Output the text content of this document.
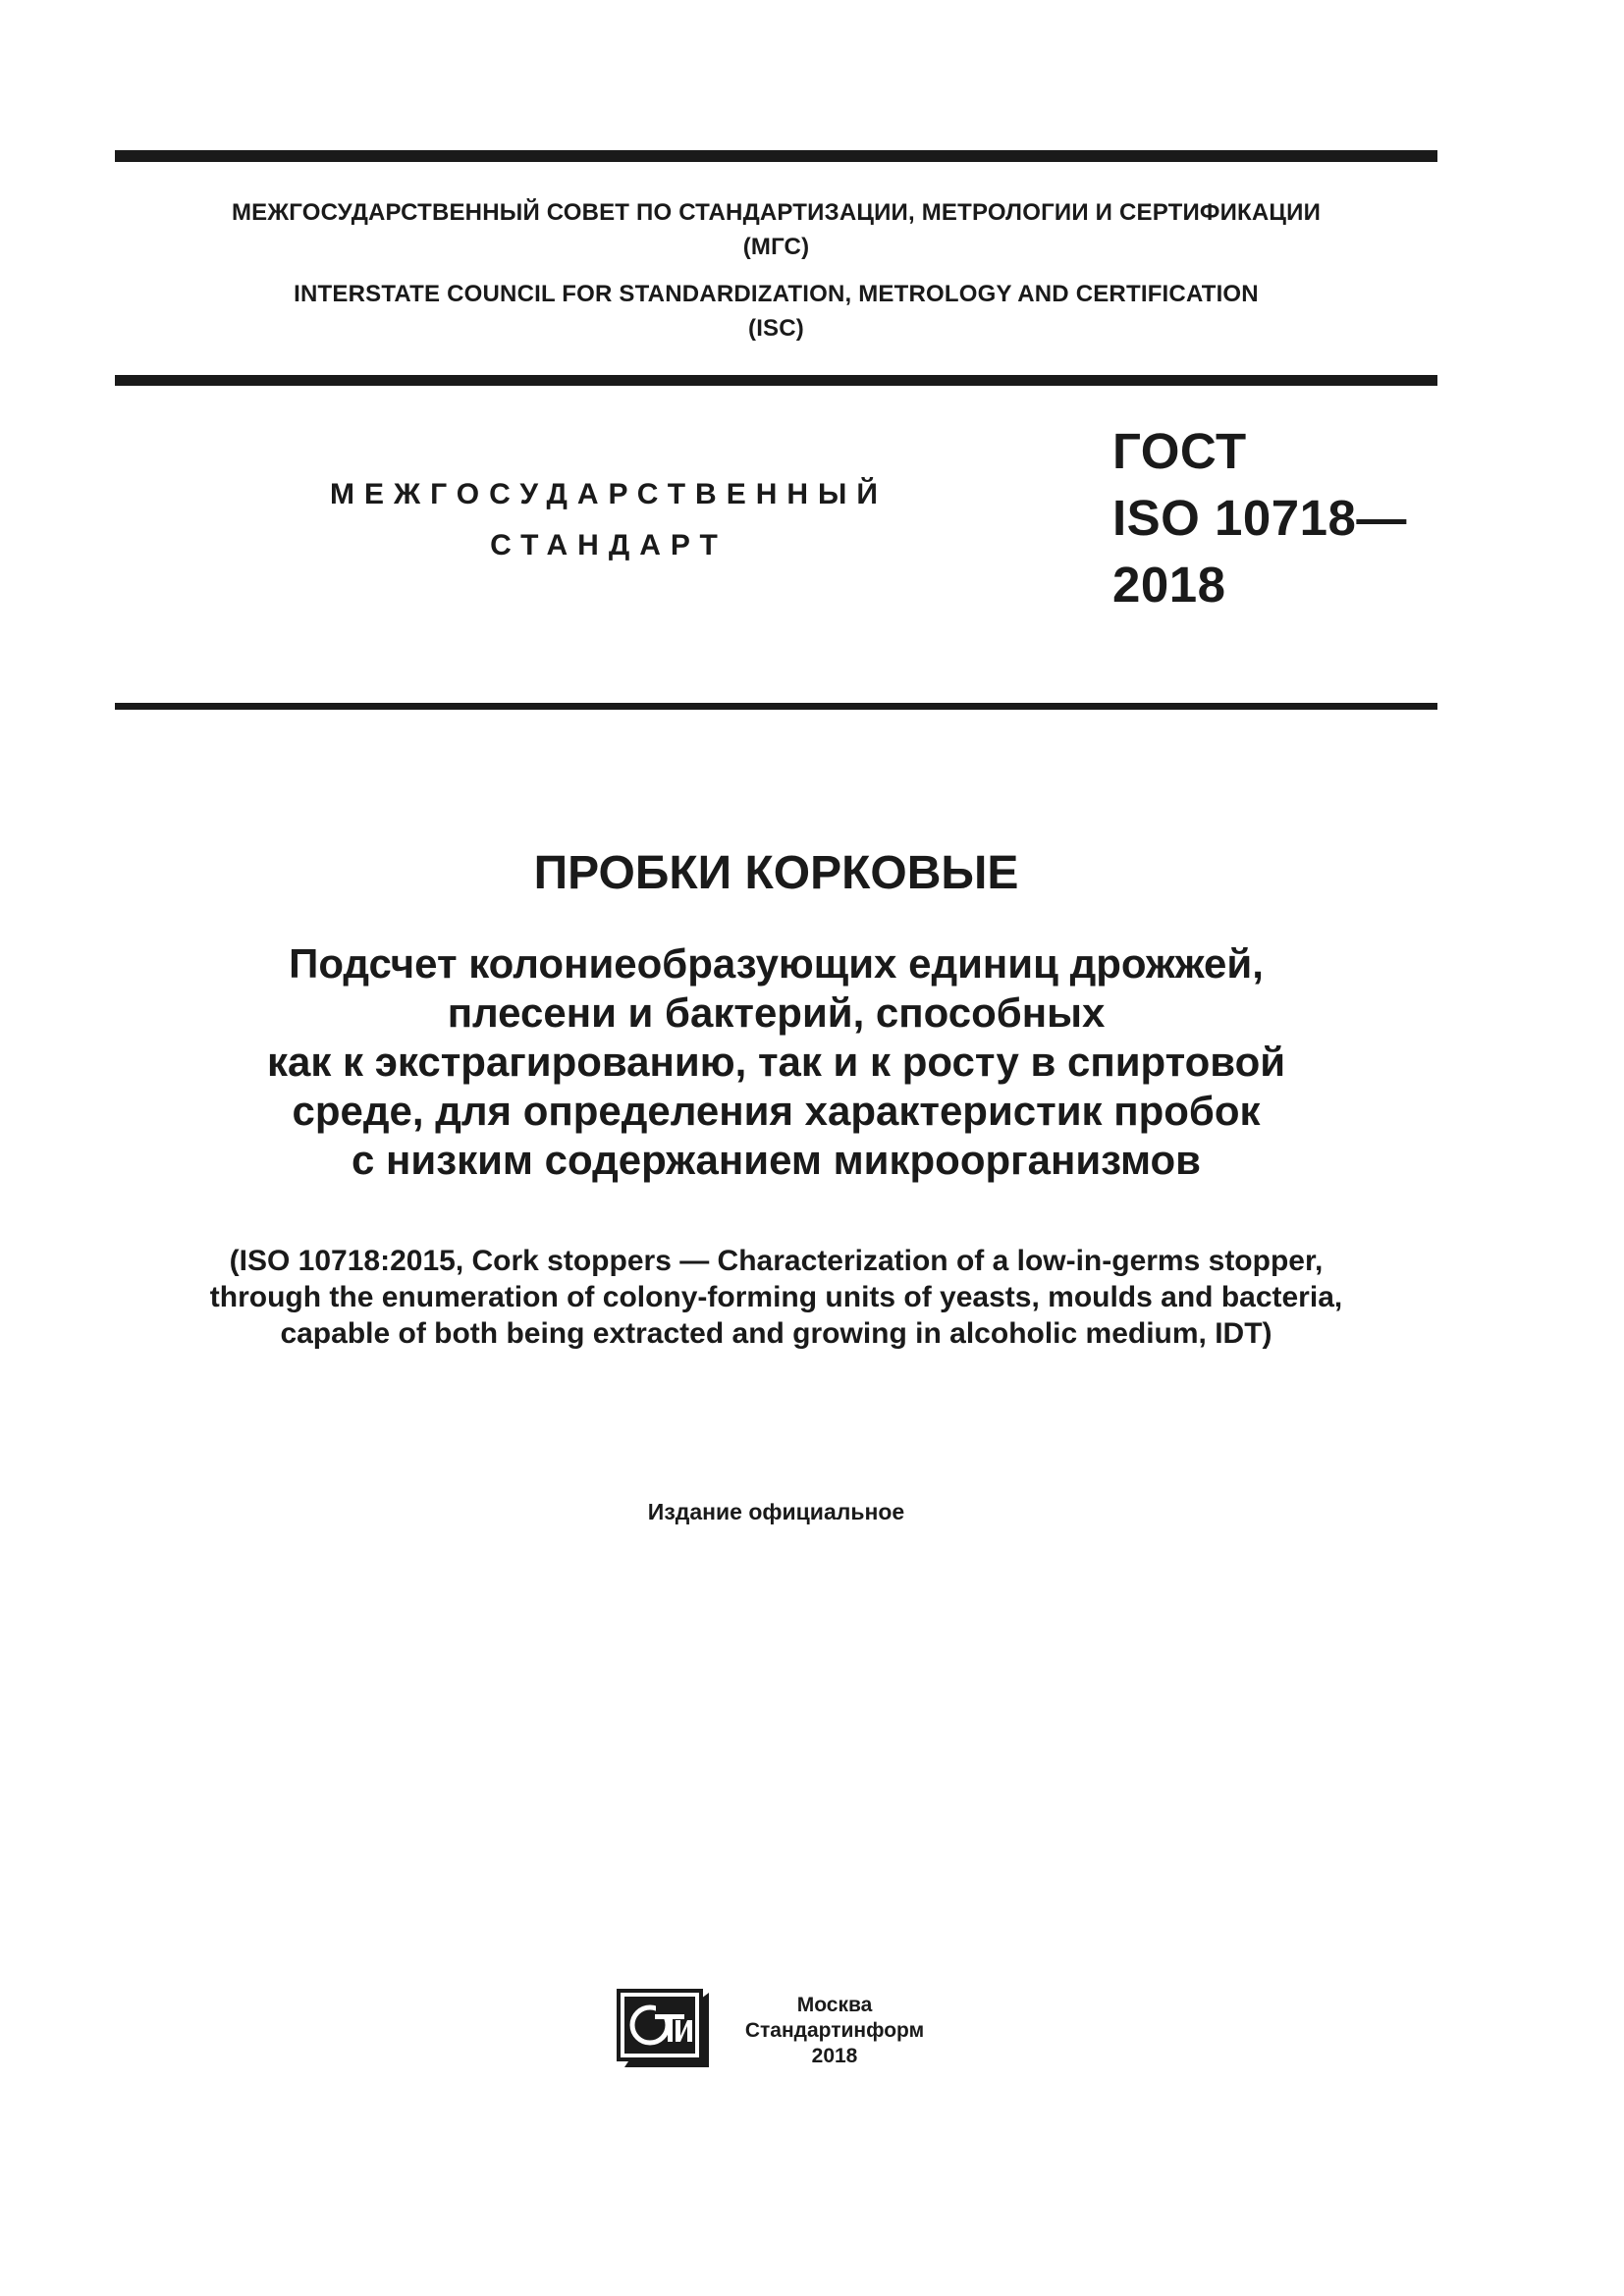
МЕЖГОСУДАРСТВЕННЫЙ СОВЕТ ПО СТАНДАРТИЗАЦИИ, МЕТРОЛОГИИ И СЕРТИФИКАЦИИ
(МГС)
INTERSTATE COUNCIL FOR STANDARDIZATION, METROLOGY AND CERTIFICATION
(ISC)
МЕЖГОСУДАРСТВЕННЫЙ
СТАНДАРТ
ГОСТ
ISO 10718—
2018
ПРОБКИ КОРКОВЫЕ
Подсчет колониеобразующих единиц дрожжей,
плесени и бактерий, способных
как к экстрагированию, так и к росту в спиртовой
среде, для определения характеристик пробок
с низким содержанием микроорганизмов
(ISO 10718:2015, Cork stoppers — Characterization of a low-in-germs stopper,
through the enumeration of colony-forming units of yeasts, moulds and bacteria,
capable of both being extracted and growing in alcoholic medium, IDT)
Издание официальное
Москва
Стандартинформ
2018
